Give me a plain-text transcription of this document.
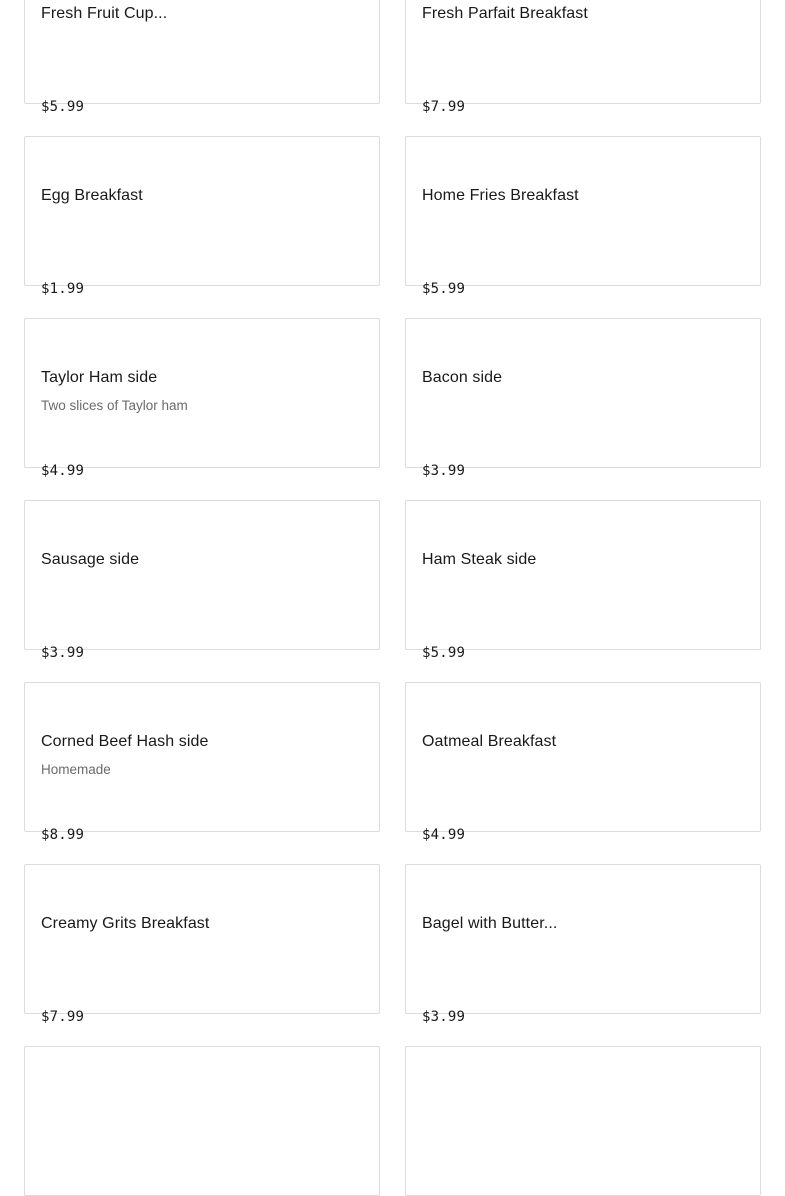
Fresh Fruit Cup...
$5.99
Fresh Parfait Breakfast
$7.99
Egg Breakfast
$1.99
Home Fries Breakfast
$5.99
Taylor Ham side
Two slices of Taylor ham
$4.99
Bacon side
$3.99
Sausage side
$3.99
Ham Steak side
$5.99
Corned Beef Hash side
Homemade
$8.99
Oatmeal Breakfast
$4.99
Creamy Grits Breakfast
$7.99
Bagel with Butter...
$3.99
